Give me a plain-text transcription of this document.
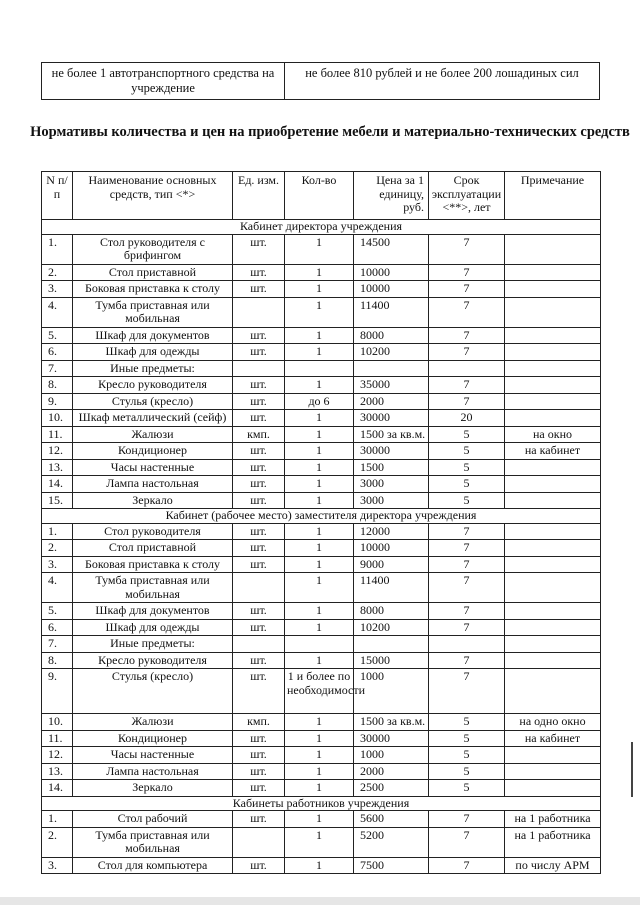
не более 1 автотранспортного средства на учреждение	не более 810 рублей и не более 200 лошадиных сил
Нормативы количества и цен на приобретение мебели и материально-технических средств
N п/п	Наименование основных средств, тип <*>	Ед. изм.	Кол-во	Цена за 1 единицу, руб.	Срок эксплуатации <**>, лет	Примечание
Кабинет директора учреждения						
1.	Стол руководителя с брифингом	шт.	1	14500	7	
2.	Стол приставной	шт.	1	10000	7	
3.	Боковая приставка к столу	шт.	1	10000	7	
4.	Тумба приставная или мобильная		1	11400	7	
5.	Шкаф для документов	шт.	1	8000	7	
6.	Шкаф для одежды	шт.	1	10200	7	
7.	Иные предметы:					
8.	Кресло руководителя	шт.	1	35000	7	
9.	Стулья (кресло)	шт.	до 6	2000	7	
10.	Шкаф металлический (сейф)	шт.	1	30000	20	
11.	Жалюзи	кмп.	1	1500 за кв.м.	5	на окно
12.	Кондиционер	шт.	1	30000	5	на кабинет
13.	Часы настенные	шт.	1	1500	5	
14.	Лампа настольная	шт.	1	3000	5	
15.	Зеркало	шт.	1	3000	5	
Кабинет (рабочее место) заместителя директора учреждения						
1.	Стол руководителя	шт.	1	12000	7	
2.	Стол приставной	шт.	1	10000	7	
3.	Боковая приставка к столу	шт.	1	9000	7	
4.	Тумба приставная или мобильная		1	11400	7	
5.	Шкаф для документов	шт.	1	8000	7	
6.	Шкаф для одежды	шт.	1	10200	7	
7.	Иные предметы:					
8.	Кресло руководителя	шт.	1	15000	7	
9.	Стулья (кресло)	шт.	1 и более по необходимости	1000	7	
10.	Жалюзи	кмп.	1	1500 за кв.м.	5	на одно окно
11.	Кондиционер	шт.	1	30000	5	на кабинет
12.	Часы настенные	шт.	1	1000	5	
13.	Лампа настольная	шт.	1	2000	5	
14.	Зеркало	шт.	1	2500	5	
Кабинеты работников учреждения						
1.	Стол рабочий	шт.	1	5600	7	на 1 работника
2.	Тумба приставная или мобильная		1	5200	7	на 1 работника
3.	Стол для компьютера	шт.	1	7500	7	по числу АРМ
